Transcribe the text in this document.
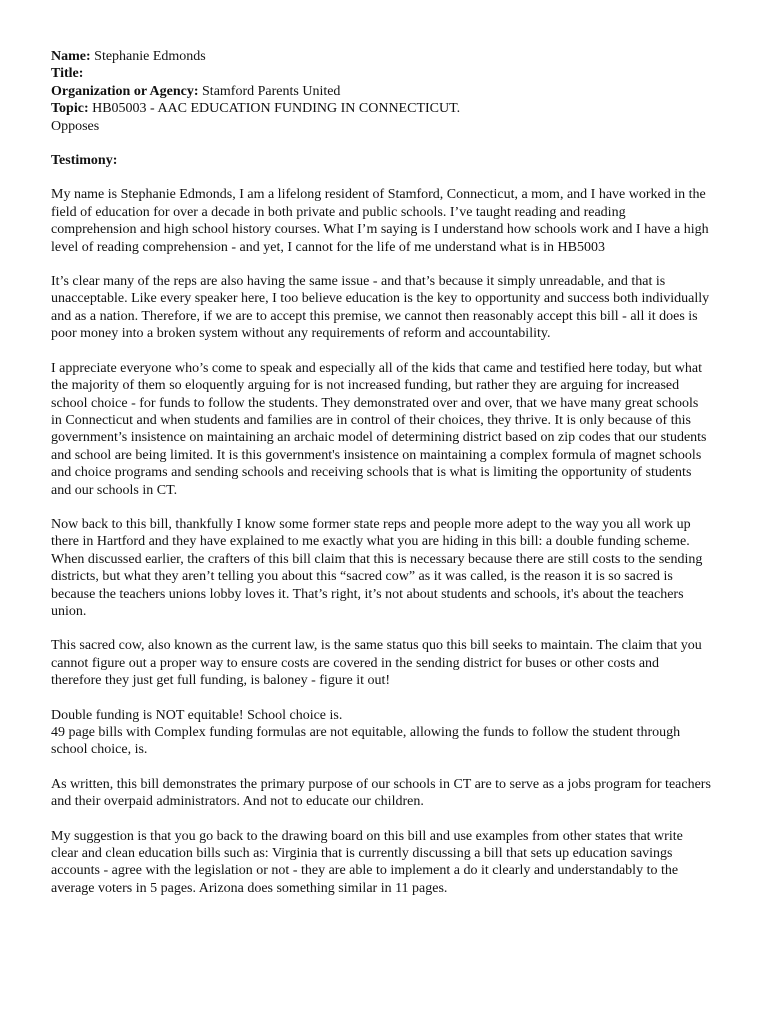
Name: Stephanie Edmonds

Title:

Organization or Agency: Stamford Parents United

Topic: HB05003 - AAC EDUCATION FUNDING IN CONNECTICUT.

Opposes

Testimony:

My name is Stephanie Edmonds, I am a lifelong resident of Stamford, Connecticut, a mom, and I have worked in the field of education for over a decade in both private and public schools. I’ve taught reading and reading comprehension and high school history courses. What I’m saying is I understand how schools work and I have a high level of reading comprehension - and yet, I cannot for the life of me understand what is in HB5003

It’s clear many of the reps are also having the same issue - and that’s because it simply unreadable, and that is unacceptable. Like every speaker here, I too believe education is the key to opportunity and success both individually and as a nation. Therefore, if we are to accept this premise, we cannot then reasonably accept this bill - all it does is poor money into a broken system without any requirements of reform and accountability.

I appreciate everyone who’s come to speak and especially all of the kids that came and testified here today, but what the majority of them so eloquently arguing for is not increased funding, but rather they are arguing for increased school choice - for funds to follow the students. They demonstrated over and over, that we have many great schools in Connecticut and when students and families are in control of their choices, they thrive. It is only because of this government’s insistence on maintaining an archaic model of determining district based on zip codes that our students and school are being limited. It is this government's insistence on maintaining a complex formula of magnet schools and choice programs and sending schools and receiving schools that is what is limiting the opportunity of students and our schools in CT.

Now back to this bill, thankfully I know some former state reps and people more adept to the way you all work up there in Hartford and they have explained to me exactly what you are hiding in this bill: a double funding scheme. When discussed earlier, the crafters of this bill claim that this is necessary because there are still costs to the sending districts, but what they aren’t telling you about this “sacred cow” as it was called, is the reason it is so sacred is because the teachers unions lobby loves it. That’s right, it’s not about students and schools, it's about the teachers union.

This sacred cow, also known as the current law, is the same status quo this bill seeks to maintain. The claim that you cannot figure out a proper way to ensure costs are covered in the sending district for buses or other costs and therefore they just get full funding, is baloney - figure it out!

Double funding is NOT equitable! School choice is.

49 page bills with Complex funding formulas are not equitable, allowing the funds to follow the student through school choice, is.

As written, this bill demonstrates the primary purpose of our schools in CT are to serve as a jobs program for teachers and their overpaid administrators. And not to educate our children.

My suggestion is that you go back to the drawing board on this bill and use examples from other states that write clear and clean education bills such as: Virginia that is currently discussing a bill that sets up education savings accounts - agree with the legislation or not - they are able to implement a do it clearly and understandably to the average voters in 5 pages. Arizona does something similar in 11 pages.
